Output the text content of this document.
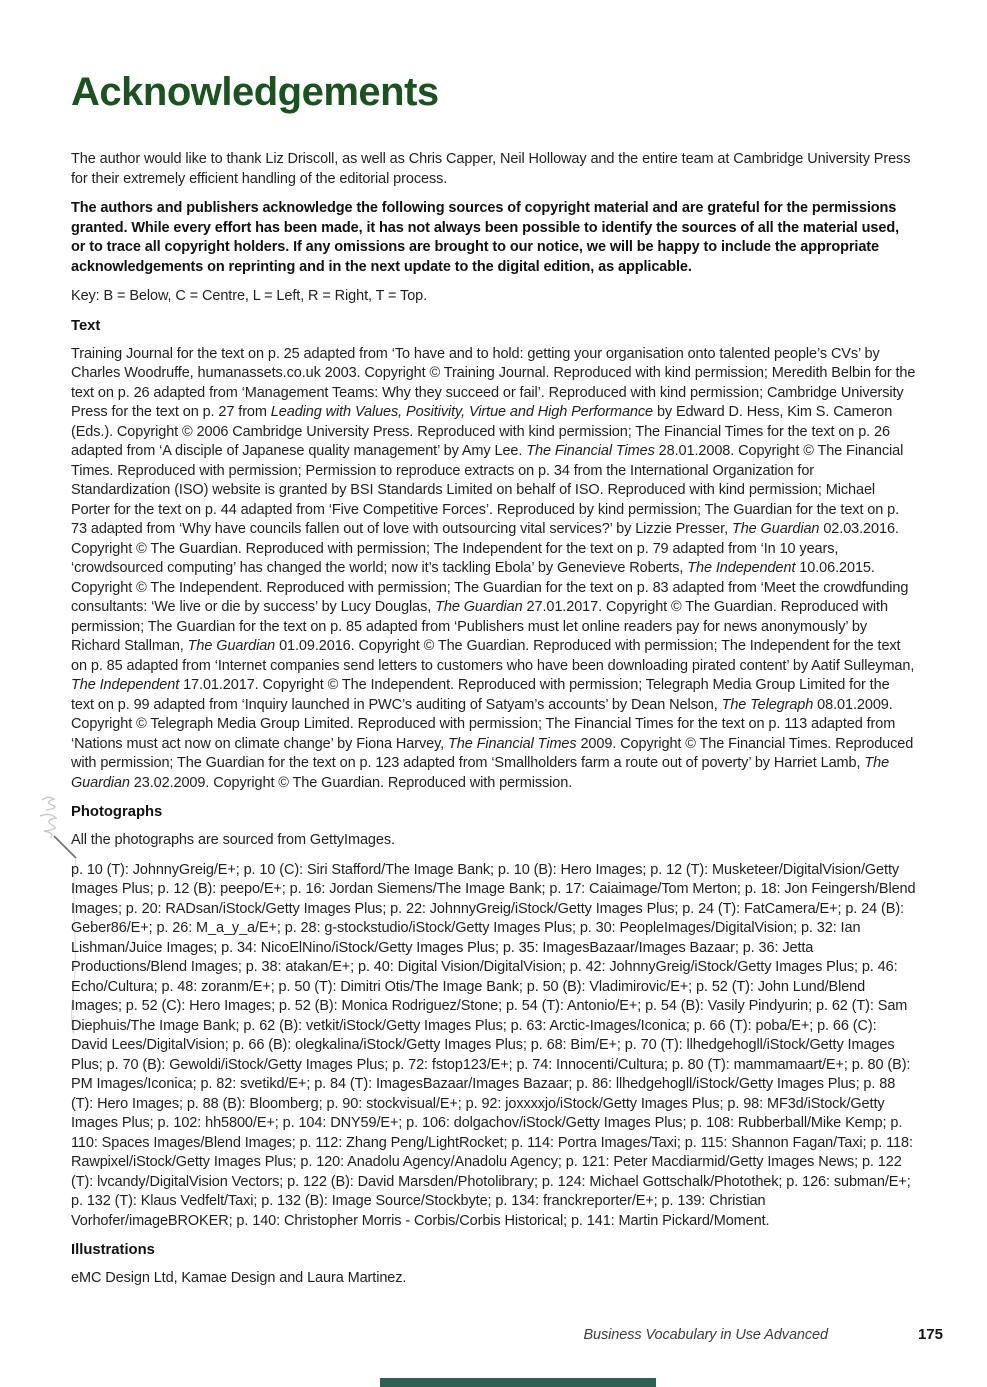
Acknowledgements

The author would like to thank Liz Driscoll, as well as Chris Capper, Neil Holloway and the entire team at Cambridge University Press for their extremely efficient handling of the editorial process.

The authors and publishers acknowledge the following sources of copyright material and are grateful for the permissions granted. While every effort has been made, it has not always been possible to identify the sources of all the material used, or to trace all copyright holders. If any omissions are brought to our notice, we will be happy to include the appropriate acknowledgements on reprinting and in the next update to the digital edition, as applicable.

Key: B = Below, C = Centre, L = Left, R = Right, T = Top.

Text

Training Journal for the text on p. 25 adapted from ‘To have and to hold: getting your organisation onto talented people’s CVs’ by Charles Woodruffe, humanassets.co.uk 2003. Copyright © Training Journal. Reproduced with kind permission; Meredith Belbin for the text on p. 26 adapted from ‘Management Teams: Why they succeed or fail’. Reproduced with kind permission; Cambridge University Press for the text on p. 27 from Leading with Values, Positivity, Virtue and High Performance by Edward D. Hess, Kim S. Cameron (Eds.). Copyright © 2006 Cambridge University Press. Reproduced with kind permission; The Financial Times for the text on p. 26 adapted from ‘A disciple of Japanese quality management’ by Amy Lee. The Financial Times 28.01.2008. Copyright © The Financial Times. Reproduced with permission; Permission to reproduce extracts on p. 34 from the International Organization for Standardization (ISO) website is granted by BSI Standards Limited on behalf of ISO. Reproduced with kind permission; Michael Porter for the text on p. 44 adapted from ‘Five Competitive Forces’. Reproduced by kind permission; The Guardian for the text on p. 73 adapted from ‘Why have councils fallen out of love with outsourcing vital services?’ by Lizzie Presser, The Guardian 02.03.2016. Copyright © The Guardian. Reproduced with permission; The Independent for the text on p. 79 adapted from ‘In 10 years, ‘crowdsourced computing’ has changed the world; now it’s tackling Ebola’ by Genevieve Roberts, The Independent 10.06.2015. Copyright © The Independent. Reproduced with permission; The Guardian for the text on p. 83 adapted from ‘Meet the crowdfunding consultants: ‘We live or die by success’ by Lucy Douglas, The Guardian 27.01.2017. Copyright © The Guardian. Reproduced with permission; The Guardian for the text on p. 85 adapted from ‘Publishers must let online readers pay for news anonymously’ by Richard Stallman, The Guardian 01.09.2016. Copyright © The Guardian. Reproduced with permission; The Independent for the text on p. 85 adapted from ‘Internet companies send letters to customers who have been downloading pirated content’ by Aatif Sulleyman, The Independent 17.01.2017. Copyright © The Independent. Reproduced with permission; Telegraph Media Group Limited for the text on p. 99 adapted from ‘Inquiry launched in PWC’s auditing of Satyam’s accounts’ by Dean Nelson, The Telegraph 08.01.2009. Copyright © Telegraph Media Group Limited. Reproduced with permission; The Financial Times for the text on p. 113 adapted from ‘Nations must act now on climate change’ by Fiona Harvey, The Financial Times 2009. Copyright © The Financial Times. Reproduced with permission; The Guardian for the text on p. 123 adapted from ‘Smallholders farm a route out of poverty’ by Harriet Lamb, The Guardian 23.02.2009. Copyright © The Guardian. Reproduced with permission.

Photographs

All the photographs are sourced from GettyImages.

p. 10 (T): JohnnyGreig/E+; p. 10 (C): Siri Stafford/The Image Bank; p. 10 (B): Hero Images; p. 12 (T): Musketeer/DigitalVision/Getty Images Plus; p. 12 (B): peepo/E+; p. 16: Jordan Siemens/The Image Bank; p. 17: Caiaimage/Tom Merton; p. 18: Jon Feingersh/Blend Images; p. 20: RADsan/iStock/Getty Images Plus; p. 22: JohnnyGreig/iStock/Getty Images Plus; p. 24 (T): FatCamera/E+; p. 24 (B): Geber86/E+; p. 26: M_a_y_a/E+; p. 28: g-stockstudio/iStock/Getty Images Plus; p. 30: PeopleImages/DigitalVision; p. 32: Ian Lishman/Juice Images; p. 34: NicoElNino/iStock/Getty Images Plus; p. 35: ImagesBazaar/Images Bazaar; p. 36: Jetta Productions/Blend Images; p. 38: atakan/E+; p. 40: Digital Vision/DigitalVision; p. 42: JohnnyGreig/iStock/Getty Images Plus; p. 46: Echo/Cultura; p. 48: zoranm/E+; p. 50 (T): Dimitri Otis/The Image Bank; p. 50 (B): Vladimirovic/E+; p. 52 (T): John Lund/Blend Images; p. 52 (C): Hero Images; p. 52 (B): Monica Rodriguez/Stone; p. 54 (T): Antonio/E+; p. 54 (B): Vasily Pindyurin; p. 62 (T): Sam Diephuis/The Image Bank; p. 62 (B): vetkit/iStock/Getty Images Plus; p. 63: Arctic-Images/Iconica; p. 66 (T): poba/E+; p. 66 (C): David Lees/DigitalVision; p. 66 (B): olegkalina/iStock/Getty Images Plus; p. 68: Bim/E+; p. 70 (T): llhedgehogll/iStock/Getty Images Plus; p. 70 (B): Gewoldi/iStock/Getty Images Plus; p. 72: fstop123/E+; p. 74: Innocenti/Cultura; p. 80 (T): mammamaart/E+; p. 80 (B): PM Images/Iconica; p. 82: svetikd/E+; p. 84 (T): ImagesBazaar/Images Bazaar; p. 86: llhedgehogll/iStock/Getty Images Plus; p. 88 (T): Hero Images; p. 88 (B): Bloomberg; p. 90: stockvisual/E+; p. 92: joxxxxjo/iStock/Getty Images Plus; p. 98: MF3d/iStock/Getty Images Plus; p. 102: hh5800/E+; p. 104: DNY59/E+; p. 106: dolgachov/iStock/Getty Images Plus; p. 108: Rubberball/Mike Kemp; p. 110: Spaces Images/Blend Images; p. 112: Zhang Peng/LightRocket; p. 114: Portra Images/Taxi; p. 115: Shannon Fagan/Taxi; p. 118: Rawpixel/iStock/Getty Images Plus; p. 120: Anadolu Agency/Anadolu Agency; p. 121: Peter Macdiarmid/Getty Images News; p. 122 (T): lvcandy/DigitalVision Vectors; p. 122 (B): David Marsden/Photolibrary; p. 124: Michael Gottschalk/Photothek; p. 126: subman/E+; p. 132 (T): Klaus Vedfelt/Taxi; p. 132 (B): Image Source/Stockbyte; p. 134: franckreporter/E+; p. 139: Christian Vorhofer/imageBROKER; p. 140: Christopher Morris - Corbis/Corbis Historical; p. 141: Martin Pickard/Moment.

Illustrations

eMC Design Ltd, Kamae Design and Laura Martinez.

Business Vocabulary in Use Advanced	175
